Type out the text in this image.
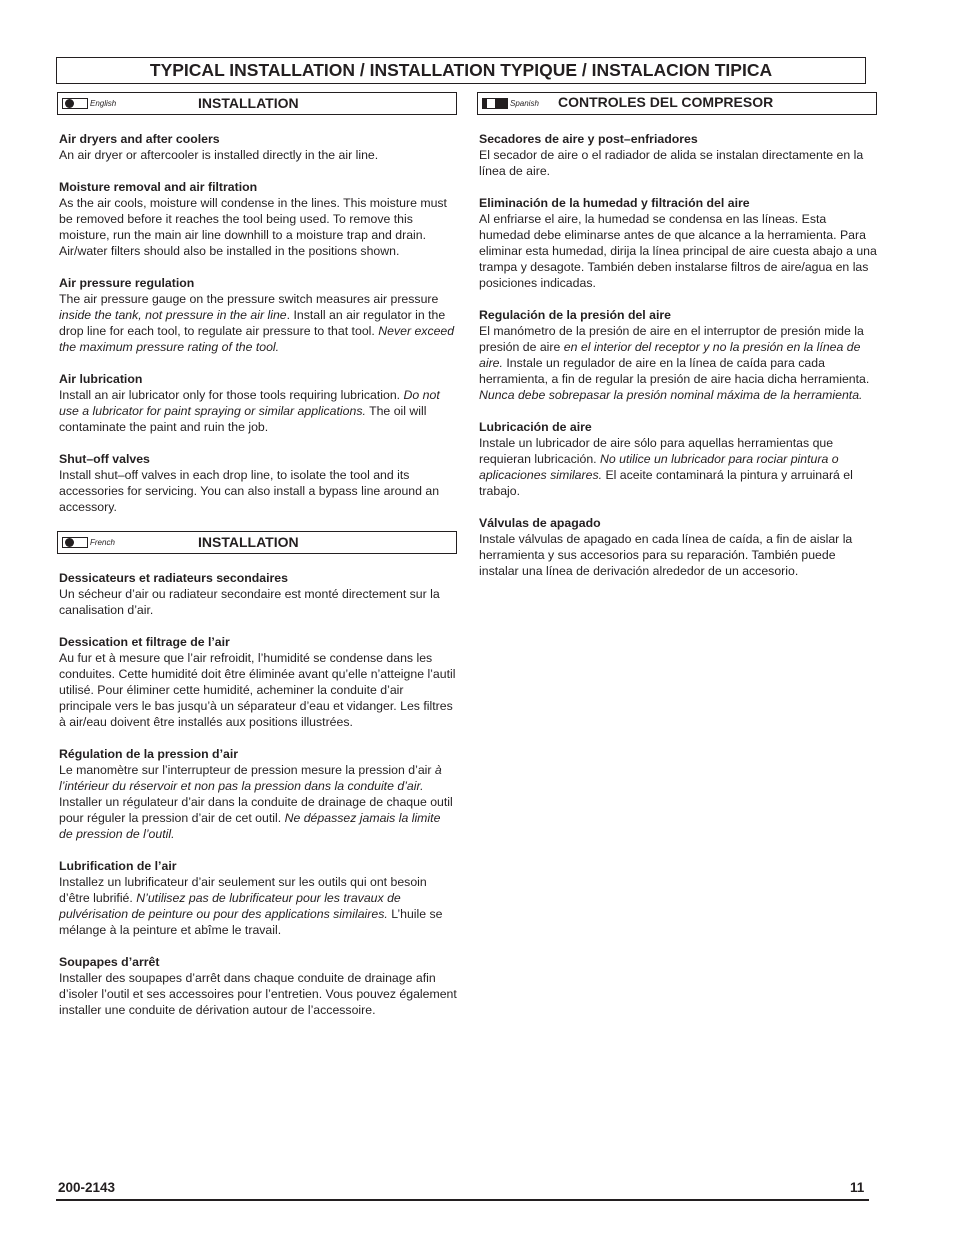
TYPICAL INSTALLATION / INSTALLATION TYPIQUE / INSTALACION TIPICA
English	INSTALLATION
Air dryers and after coolers
An air dryer or aftercooler is installed directly in the air line.
Moisture removal and air filtration
As the air cools, moisture will condense in the lines. This moisture must be removed before it reaches the tool being used. To remove this moisture, run the main air line downhill to a moisture trap and drain. Air/water filters should also be installed in the positions shown.
Air pressure regulation
The air pressure gauge on the pressure switch measures air pressure inside the tank, not pressure in the air line. Install an air regulator in the drop line for each tool, to regulate air pressure to that tool. Never exceed the maximum pressure rating of the tool.
Air lubrication
Install an air lubricator only for those tools requiring lubrication. Do not use a lubricator for paint spraying or similar applications. The oil will contaminate the paint and ruin the job.
Shut–off valves
Install shut–off valves in each drop line, to isolate the tool and its accessories for servicing. You can also install a bypass line around an accessory.
French	INSTALLATION
Dessicateurs et radiateurs secondaires
Un sécheur d’air ou radiateur secondaire est monté directement sur la canalisation d’air.
Dessication et filtrage de l’air
Au fur et à mesure que l’air refroidit, l’humidité se condense dans les conduites. Cette humidité doit être éliminée avant qu’elle n’atteigne l’autil utilisé. Pour éliminer cette humidité, acheminer la conduite d’air principale vers le bas jusqu’à un séparateur d’eau et vidanger. Les filtres à air/eau doivent être installés aux positions illustrées.
Régulation de la pression d’air
Le manomètre sur l’interrupteur de pression mesure la pression d’air à l’intérieur du réservoir et non pas la pression dans la conduite d’air. Installer un régulateur d’air dans la conduite de drainage de chaque outil pour réguler la pression d’air de cet outil. Ne dépassez jamais la limite de pression de l’outil.
Lubrification de l’air
Installez un lubrificateur d’air seulement sur les outils qui ont besoin d’être lubrifié. N’utilisez pas de lubrificateur pour les travaux de pulvérisation de peinture ou pour des applications similaires. L’huile se mélange à la peinture et abîme le travail.
Soupapes d’arrêt
Installer des soupapes d’arrêt dans chaque conduite de drainage afin d’isoler l’outil et ses accessoires pour l’entretien. Vous pouvez également installer une conduite de dérivation autour de l’accessoire.
Spanish CONTROLES DEL COMPRESOR
Secadores de aire y post–enfriadores
El secador de aire o el radiador de alida se instalan directamente en la línea de aire.
Eliminación de la humedad y filtración del aire
Al enfriarse el aire, la humedad se condensa en las líneas. Esta humedad debe eliminarse antes de que alcance a la herramienta. Para eliminar esta humedad, dirija la línea principal de aire cuesta abajo a una trampa y desagote. También deben instalarse filtros de aire/agua en las posiciones indicadas.
Regulación de la presión del aire
El manómetro de la presión de aire en el interruptor de presión mide la presión de aire en el interior del receptor y no la presión en la línea de aire. Instale un regulador de aire en la línea de caída para cada herramienta, a fin de regular la presión de aire hacia dicha herramienta. Nunca debe sobrepasar la presión nominal máxima de la herramienta.
Lubricación de aire
Instale un lubricador de aire sólo para aquellas herramientas que requieran lubricación. No utilice un lubricador para rociar pintura o aplicaciones similares. El aceite contaminará la pintura y arruinará el trabajo.
Válvulas de apagado
Instale válvulas de apagado en cada línea de caída, a fin de aislar la herramienta y sus accesorios para su reparación. También puede instalar una línea de derivación alrededor de un accesorio.
200-2143	11
